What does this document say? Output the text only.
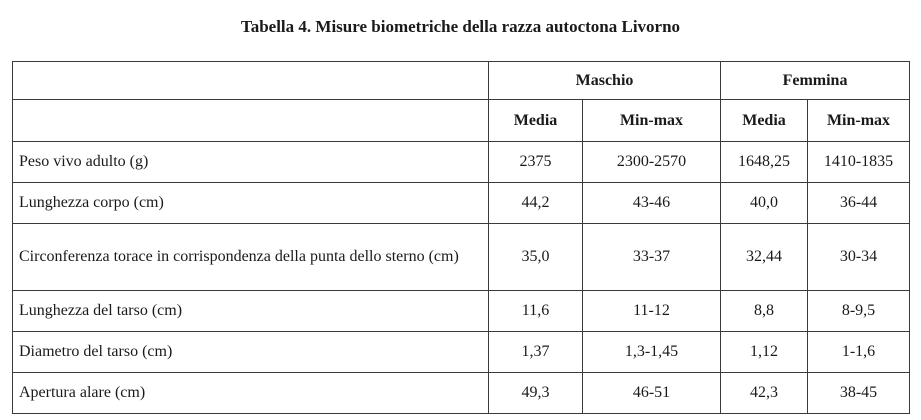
Tabella 4. Misure biometriche della razza autoctona Livorno
	Maschio		Femmina	
	Media	Min-max	Media	Min-max
Peso vivo adulto (g)	2375	2300-2570	1648,25	1410-1835
Lunghezza corpo (cm)	44,2	43-46	40,0	36-44
Circonferenza torace in corrispondenza della punta dello sterno (cm)	35,0	33-37	32,44	30-34
Lunghezza del tarso (cm)	11,6	11-12	8,8	8-9,5
Diametro del tarso (cm)	1,37	1,3-1,45	1,12	1-1,6
Apertura alare (cm)	49,3	46-51	42,3	38-45
